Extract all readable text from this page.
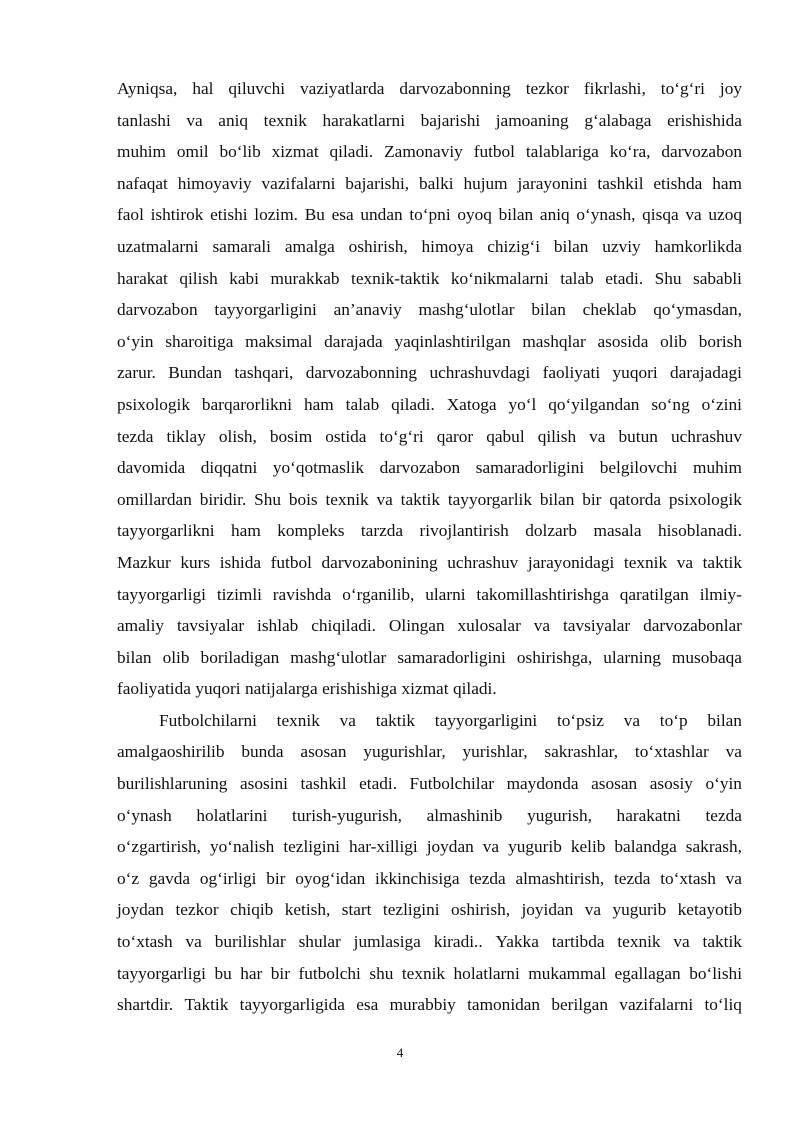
Ayniqsa, hal qiluvchi vaziyatlarda darvozabonning tezkor fikrlashi, to‘g‘ri joy
tanlashi va aniq texnik harakatlarni bajarishi jamoaning g‘alabaga erishishida
muhim omil bo‘lib xizmat qiladi. Zamonaviy futbol talablariga ko‘ra, darvozabon
nafaqat himoyaviy vazifalarni bajarishi, balki hujum jarayonini tashkil etishda ham
faol ishtirok etishi lozim. Bu esa undan to‘pni oyoq bilan aniq o‘ynash, qisqa va uzoq
uzatmalarni samarali amalga oshirish, himoya chizig‘i bilan uzviy hamkorlikda
harakat qilish kabi murakkab texnik-taktik ko‘nikmalarni talab etadi. Shu sababli
darvozabon tayyorgarligini an’anaviy mashg‘ulotlar bilan cheklab qo‘ymasdan,
o‘yin sharoitiga maksimal darajada yaqinlashtirilgan mashqlar asosida olib borish
zarur. Bundan tashqari, darvozabonning uchrashuvdagi faoliyati yuqori darajadagi
psixologik barqarorlikni ham talab qiladi. Xatoga yo‘l qo‘yilgandan so‘ng o‘zini
tezda tiklay olish, bosim ostida to‘g‘ri qaror qabul qilish va butun uchrashuv
davomida diqqatni yo‘qotmaslik darvozabon samaradorligini belgilovchi muhim
omillardan biridir. Shu bois texnik va taktik tayyorgarlik bilan bir qatorda psixologik
tayyorgarlikni ham kompleks tarzda rivojlantirish dolzarb masala hisoblanadi.
Mazkur kurs ishida futbol darvozabonining uchrashuv jarayonidagi texnik va taktik
tayyorgarligi tizimli ravishda o‘rganilib, ularni takomillashtirishga qaratilgan ilmiy-
amaliy tavsiyalar ishlab chiqiladi. Olingan xulosalar va tavsiyalar darvozabonlar
bilan olib boriladigan mashg‘ulotlar samaradorligini oshirishga, ularning musobaqa
faoliyatida yuqori natijalarga erishishiga xizmat qiladi.
Futbolchilarni texnik va taktik tayyorgarligini to‘psiz va to‘p bilan
amalgaoshirilib bunda asosan yugurishlar, yurishlar, sakrashlar, to‘xtashlar va
burilishlaruning asosini tashkil etadi. Futbolchilar maydonda asosan asosiy o‘yin
o‘ynash holatlarini turish-yugurish, almashinib yugurish, harakatni tezda
o‘zgartirish, yo‘nalish tezligini har-xilligi joydan va yugurib kelib balandga sakrash,
o‘z gavda og‘irligi bir oyog‘idan ikkinchisiga tezda almashtirish, tezda to‘xtash va
joydan tezkor chiqib ketish, start tezligini oshirish, joyidan va yugurib ketayotib
to‘xtash va burilishlar shular jumlasiga kiradi.. Yakka tartibda texnik va taktik
tayyorgarligi bu har bir futbolchi shu texnik holatlarni mukammal egallagan bo‘lishi
shartdir. Taktik tayyorgarligida esa murabbiy tamonidan berilgan vazifalarni to‘liq
4
